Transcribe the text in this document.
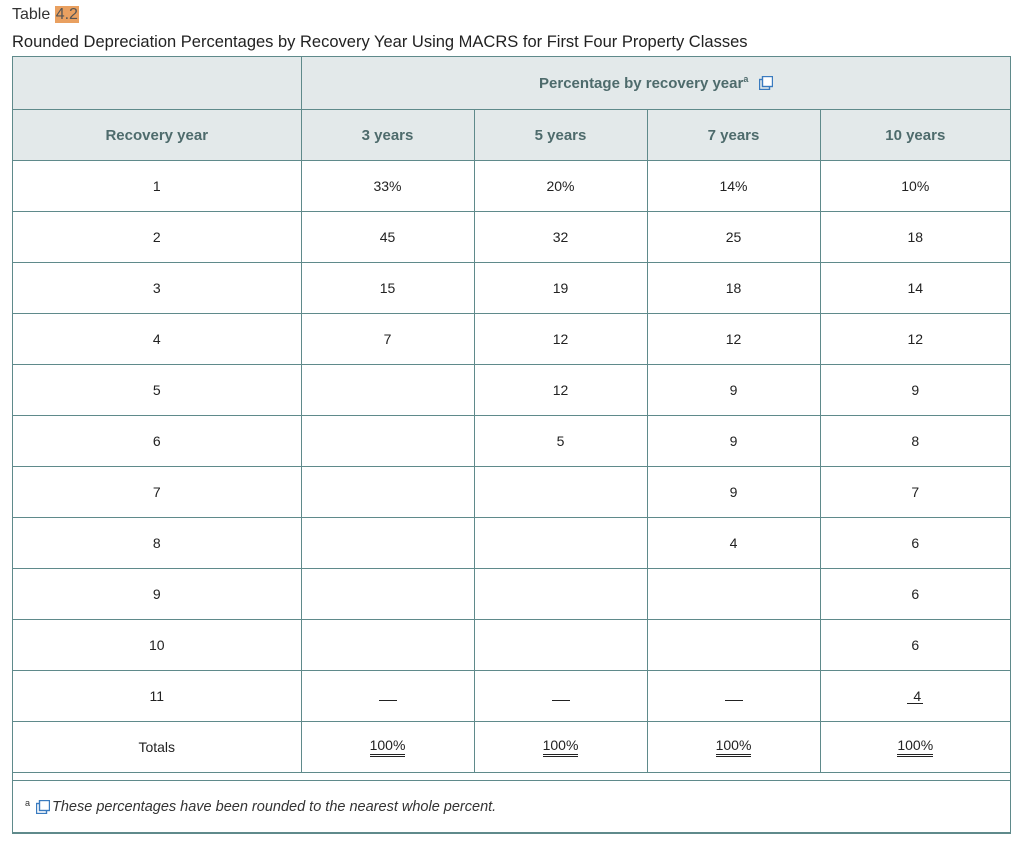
Table 4.2
Rounded Depreciation Percentages by Recovery Year Using MACRS for First Four Property Classes
	Percentage by recovery year$^a$
Recovery year	3 years	5 years	7 years	10 years
1	33%	20%	14%	10%
2	45	32	25	18
3	15	19	18	14
4	7	12	12	12
5		12	9	9
6		5	9	8
7			9	7
8			4	6
9				6
10				6
11				4
Totals	100%	100%	100%	100%
a These percentages have been rounded to the nearest whole percent.
